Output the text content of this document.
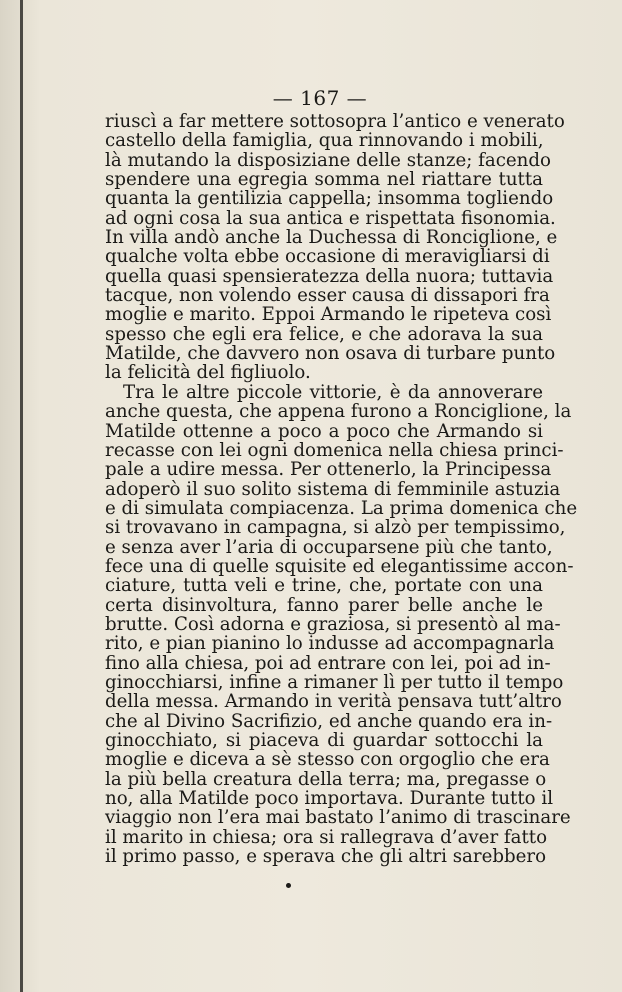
— 167 —

riuscì a far mettere sottosopra l’antico e venerato
castello della famiglia, qua rinnovando i mobili,
là mutando la disposiziane delle stanze; facendo
spendere una egregia somma nel riattare tutta
quanta la gentilizia cappella; insomma togliendo
ad ogni cosa la sua antica e rispettata fisonomia.
In villa andò anche la Duchessa di Ronciglione, e
qualche volta ebbe occasione di meravigliarsi di
quella quasi spensieratezza della nuora; tuttavia
tacque, non volendo esser causa di dissapori fra
moglie e marito. Eppoi Armando le ripeteva così
spesso che egli era felice, e che adorava la sua
Matilde, che davvero non osava di turbare punto
la felicità del figliuolo.
Tra le altre piccole vittorie, è da annoverare
anche questa, che appena furono a Ronciglione, la
Matilde ottenne a poco a poco che Armando si
recasse con lei ogni domenica nella chiesa princi-
pale a udire messa. Per ottenerlo, la Principessa
adoperò il suo solito sistema di femminile astuzia
e di simulata compiacenza. La prima domenica che
si trovavano in campagna, si alzò per tempissimo,
e senza aver l’aria di occuparsene più che tanto,
fece una di quelle squisite ed elegantissime accon-
ciature, tutta veli e trine, che, portate con una
certa disinvoltura, fanno parer belle anche le
brutte. Così adorna e graziosa, si presentò al ma-
rito, e pian pianino lo indusse ad accompagnarla
fino alla chiesa, poi ad entrare con lei, poi ad in-
ginocchiarsi, infine a rimaner lì per tutto il tempo
della messa. Armando in verità pensava tutt’altro
che al Divino Sacrifizio, ed anche quando era in-
ginocchiato, si piaceva di guardar sottocchi la
moglie e diceva a sè stesso con orgoglio che era
la più bella creatura della terra; ma, pregasse o
no, alla Matilde poco importava. Durante tutto il
viaggio non l’era mai bastato l’animo di trascinare
il marito in chiesa; ora si rallegrava d’aver fatto
il primo passo, e sperava che gli altri sarebbero
